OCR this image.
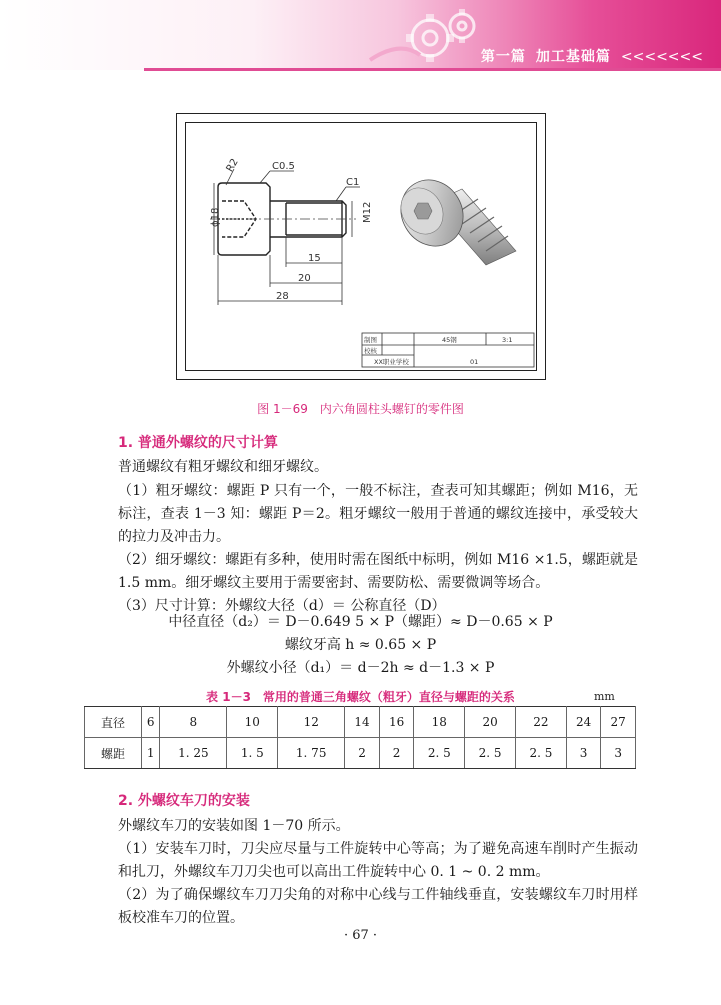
第一篇 加工基础篇 <<<<<<<
R2	C0.5
C1
ϕ18	M12
15
20
28
制图
校核
45钢	3:1
XX职业学校	01
图 1－69　内六角圆柱头螺钉的零件图
1. 普通外螺纹的尺寸计算
普通螺纹有粗牙螺纹和细牙螺纹。
（1）粗牙螺纹：螺距 P 只有一个，一般不标注，查表可知其螺距；例如 M16，无标注，查表 1－3 知：螺距 P＝2。粗牙螺纹一般用于普通的螺纹连接中，承受较大的拉力及冲击力。
（2）细牙螺纹：螺距有多种，使用时需在图纸中标明，例如 M16 ×1.5，螺距就是 1.5 mm。细牙螺纹主要用于需要密封、需要防松、需要微调等场合。
（3）尺寸计算：外螺纹大径（d）＝ 公称直径（D）
中径直径（d₂）＝ D－0.649 5 × P（螺距）≈ D－0.65 × P
螺纹牙高 h ≈ 0.65 × P
外螺纹小径（d₁）＝ d－2h ≈ d－1.3 × P
表 1－3　常用的普通三角螺纹（粗牙）直径与螺距的关系	mm
直径	6	8	10	12	14	16	18	20	22	24	27
螺距	1	1. 25	1. 5	1. 75	2	2	2. 5	2. 5	2. 5	3	3
2. 外螺纹车刀的安装
外螺纹车刀的安装如图 1－70 所示。
（1）安装车刀时，刀尖应尽量与工件旋转中心等高；为了避免高速车削时产生振动和扎刀，外螺纹车刀刀尖也可以高出工件旋转中心 0. 1 ~ 0. 2 mm。
（2）为了确保螺纹车刀刀尖角的对称中心线与工件轴线垂直，安装螺纹车刀时用样板校准车刀的位置。
· 67 ·
